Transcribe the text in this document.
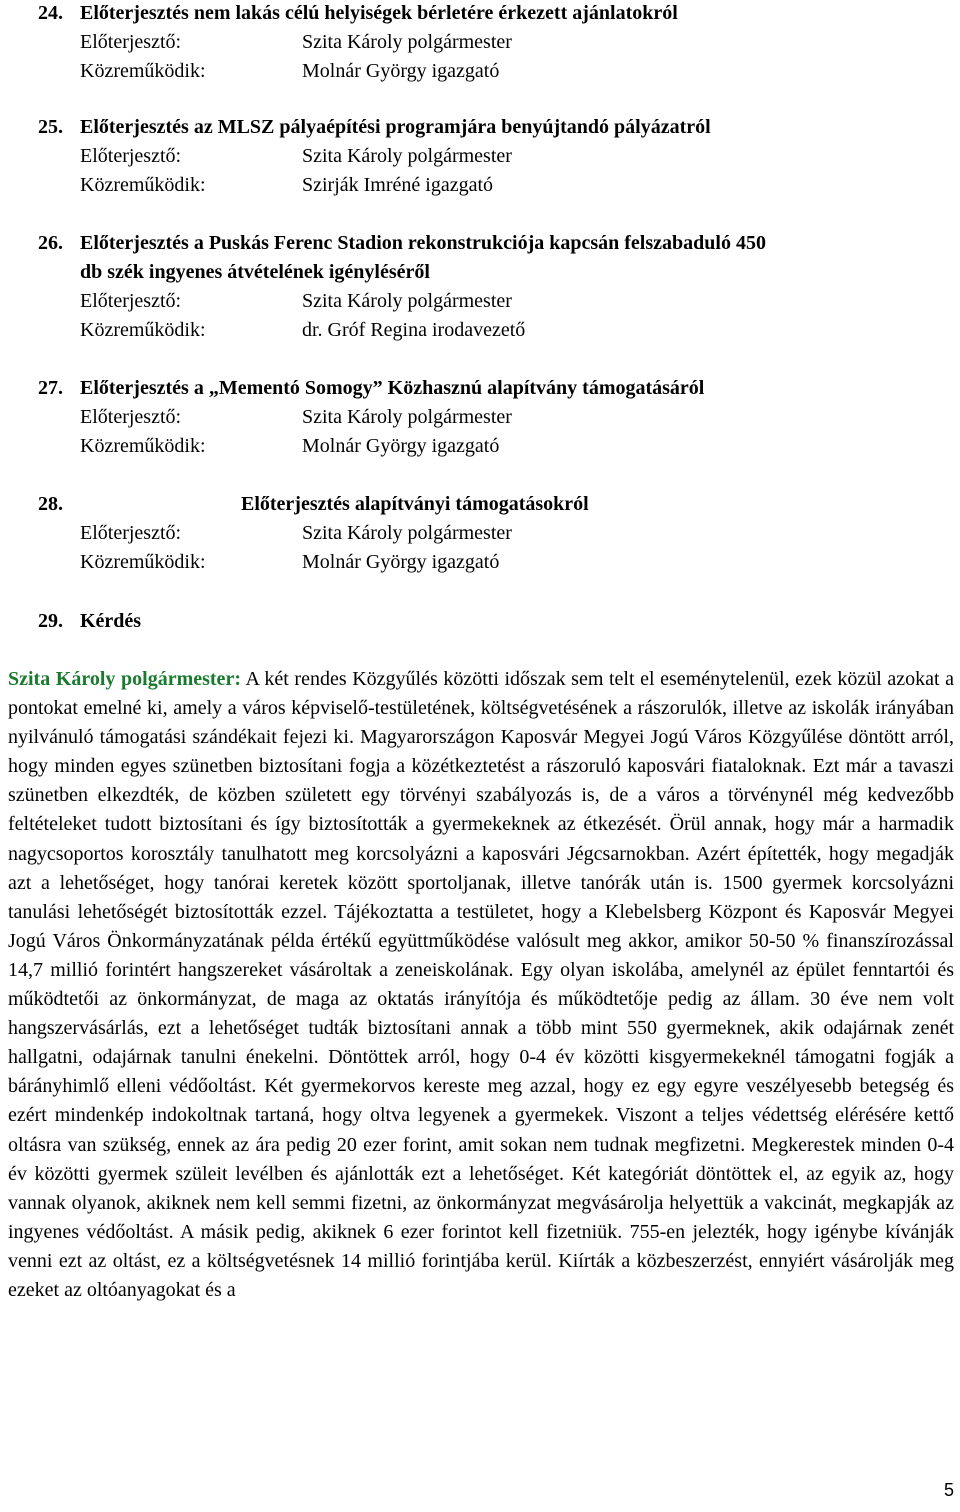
24. Előterjesztés nem lakás célú helyiségek bérletére érkezett ajánlatokról
Előterjesztő:	Szita Károly polgármester
Közreműködik:	Molnár György igazgató
25. Előterjesztés az MLSZ pályaépítési programjára benyújtandó pályázatról
Előterjesztő:	Szita Károly polgármester
Közreműködik:	Szirják Imréné igazgató
26. Előterjesztés a Puskás Ferenc Stadion rekonstrukciója kapcsán felszabaduló 450
db szék ingyenes átvételének igényléséről
Előterjesztő:	Szita Károly polgármester
Közreműködik:	dr. Gróf Regina irodavezető
27. Előterjesztés a „Mementó Somogy” Közhasznú alapítvány támogatásáról
Előterjesztő:	Szita Károly polgármester
Közreműködik:	Molnár György igazgató
28.	Előterjesztés alapítványi támogatásokról
Előterjesztő:	Szita Károly polgármester
Közreműködik:	Molnár György igazgató
29. Kérdés
Szita Károly polgármester: A két rendes Közgyűlés közötti időszak sem telt el eseménytelenül, ezek közül azokat a pontokat emelné ki, amely a város képviselő-testületének, költségvetésének a rászorulók, illetve az iskolák irányában nyilvánuló támogatási szándékait fejezi ki. Magyarországon Kaposvár Megyei Jogú Város Közgyűlése döntött arról, hogy minden egyes szünetben biztosítani fogja a közétkeztetést a rászoruló kaposvári fiataloknak. Ezt már a tavaszi szünetben elkezdték, de közben született egy törvényi szabályozás is, de a város a törvénynél még kedvezőbb feltételeket tudott biztosítani és így biztosították a gyermekeknek az étkezését. Örül annak, hogy már a harmadik nagycsoportos korosztály tanulhatott meg korcsolyázni a kaposvári Jégcsarnokban. Azért építették, hogy megadják azt a lehetőséget, hogy tanórai keretek között sportoljanak, illetve tanórák után is. 1500 gyermek korcsolyázni tanulási lehetőségét biztosították ezzel. Tájékoztatta a testületet, hogy a Klebelsberg Központ és Kaposvár Megyei Jogú Város Önkormányzatának példa értékű együttműködése valósult meg akkor, amikor 50-50 % finanszírozással 14,7 millió forintért hangszereket vásároltak a zeneiskolának. Egy olyan iskolába, amelynél az épület fenntartói és működtetői az önkormányzat, de maga az oktatás irányítója és működtetője pedig az állam. 30 éve nem volt hangszervásárlás, ezt a lehetőséget tudták biztosítani annak a több mint 550 gyermeknek, akik odajárnak zenét hallgatni, odajárnak tanulni énekelni. Döntöttek arról, hogy 0-4 év közötti kisgyermekeknél támogatni fogják a bárányhimlő elleni védőoltást. Két gyermekorvos kereste meg azzal, hogy ez egy egyre veszélyesebb betegség és ezért mindenkép indokoltnak tartaná, hogy oltva legyenek a gyermekek. Viszont a teljes védettség elérésére kettő oltásra van szükség, ennek az ára pedig 20 ezer forint, amit sokan nem tudnak megfizetni. Megkerestek minden 0-4 év közötti gyermek szüleit levélben és ajánlották ezt a lehetőséget. Két kategóriát döntöttek el, az egyik az, hogy vannak olyanok, akiknek nem kell semmi fizetni, az önkormányzat megvásárolja helyettük a vakcinát, megkapják az ingyenes védőoltást. A másik pedig, akiknek 6 ezer forintot kell fizetniük. 755-en jelezték, hogy igénybe kívánják venni ezt az oltást, ez a költségvetésnek 14 millió forintjába kerül. Kiírták a közbeszerzést, ennyiért vásárolják meg ezeket az oltóanyagokat és a
5
